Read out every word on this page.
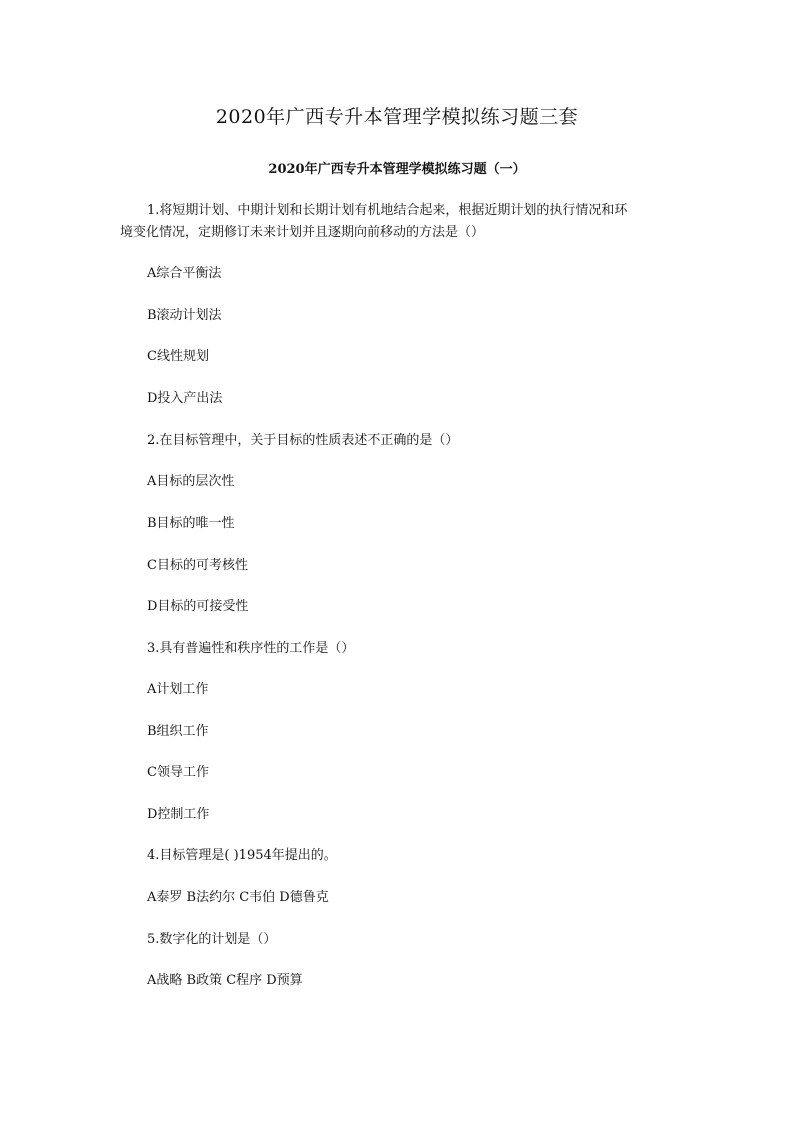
2020年广西专升本管理学模拟练习题三套
2020年广西专升本管理学模拟练习题（一）
1.将短期计划、中期计划和长期计划有机地结合起来，根据近期计划的执行情况和环
境变化情况，定期修订未来计划并且逐期向前移动的方法是（）
A综合平衡法
B滚动计划法
C线性规划
D投入产出法
2.在目标管理中，关于目标的性质表述不正确的是（）
A目标的层次性
B目标的唯一性
C目标的可考核性
D目标的可接受性
3.具有普遍性和秩序性的工作是（）
A计划工作
B组织工作
C领导工作
D控制工作
4.目标管理是( )1954年提出的。
A泰罗 B法约尔 C韦伯 D德鲁克
5.数字化的计划是（）
A战略 B政策 C程序 D预算
